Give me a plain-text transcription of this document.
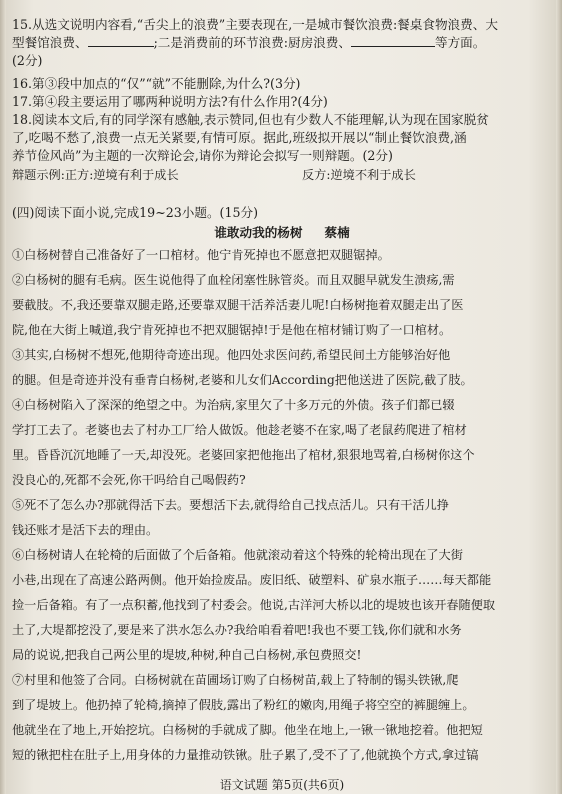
15.从选文说明内容看,“舌尖上的浪费”主要表现在,一是城市餐饮浪费:餐桌食物浪费、大
型餐馆浪费、	;二是消费前的环节浪费:厨房浪费、	等方面。
(2分)
16.第③段中加点的“仅”“就”不能删除,为什么?(3分)
17.第④段主要运用了哪两种说明方法?有什么作用?(4分)
18.阅读本文后,有的同学深有感触,表示赞同,但也有少数人不能理解,认为现在国家脱贫
了,吃喝不愁了,浪费一点无关紧要,有情可原。据此,班级拟开展以“制止餐饮浪费,涵
养节俭风尚”为主题的一次辩论会,请你为辩论会拟写一则辩题。(2分)
辩题示例:正方:逆境有利于成长	反方:逆境不利于成长
(四)阅读下面小说,完成19~23小题。(15分)
谁敢动我的杨树 蔡楠
①白杨树替自己准备好了一口棺材。他宁肯死掉也不愿意把双腿锯掉。
②白杨树的腿有毛病。医生说他得了血栓闭塞性脉管炎。而且双腿早就发生溃疡,需
要截肢。不,我还要靠双腿走路,还要靠双腿干活养活妻儿呢!白杨树拖着双腿走出了医
院,他在大街上喊道,我宁肯死掉也不把双腿锯掉!于是他在棺材铺订购了一口棺材。
③其实,白杨树不想死,他期待奇迹出现。他四处求医问药,希望民间土方能够治好他
的腿。但是奇迹并没有垂青白杨树,老婆和儿女们According把他送进了医院,截了肢。
④白杨树陷入了深深的绝望之中。为治病,家里欠了十多万元的外债。孩子们都已辍
学打工去了。老婆也去了村办工厂给人做饭。他趁老婆不在家,喝了老鼠药爬进了棺材
里。昏昏沉沉地睡了一天,却没死。老婆回家把他拖出了棺材,狠狠地骂着,白杨树你这个
没良心的,死都不会死,你干吗给自己喝假药?
⑤死不了怎么办?那就得活下去。要想活下去,就得给自己找点活儿。只有干活儿挣
钱还账才是活下去的理由。
⑥白杨树请人在轮椅的后面做了个后备箱。他就滚动着这个特殊的轮椅出现在了大街
小巷,出现在了高速公路两侧。他开始捡废品。废旧纸、破塑料、矿泉水瓶子……每天都能
捡一后备箱。有了一点积蓄,他找到了村委会。他说,古洋河大桥以北的堤坡也该开春随便取
土了,大堤都挖没了,要是来了洪水怎么办?我给咱看着吧!我也不要工钱,你们就和水务
局的说说,把我自己两公里的堤坡,种树,种自己白杨树,承包费照交!
⑦村里和他签了合同。白杨树就在苗圃场订购了白杨树苗,载上了特制的锡头铁锹,爬
到了堤坡上。他扔掉了轮椅,摘掉了假肢,露出了粉红的嫩肉,用绳子将空空的裤腿缠上。
他就坐在了地上,开始挖坑。白杨树的手就成了脚。他坐在地上,一锹一锹地挖着。他把短
短的锹把柱在肚子上,用身体的力量推动铁锹。肚子累了,受不了了,他就换个方式,拿过镐
语文试题 第5页(共6页)
